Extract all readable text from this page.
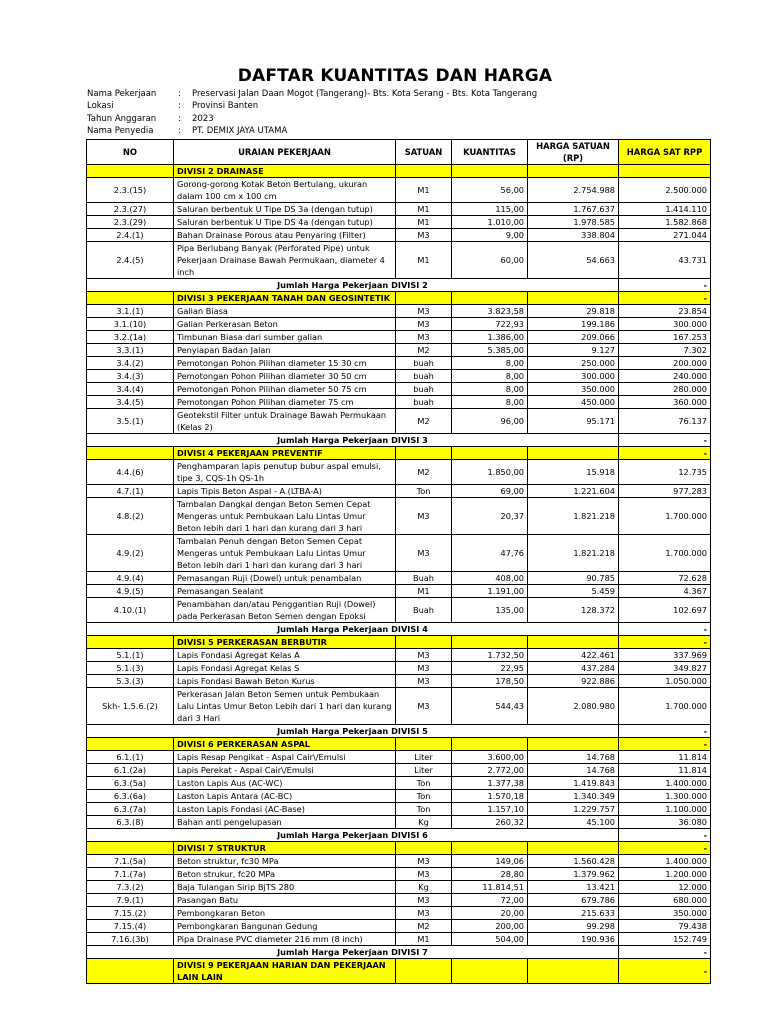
DAFTAR KUANTITAS DAN HARGA
Nama Pekerjaan	:	Preservasi Jalan Daan Mogot (Tangerang)- Bts. Kota Serang - Bts. Kota Tangerang
Lokasi	:	Provinsi Banten
Tahun Anggaran	:	2023
Nama Penyedia	:	PT. DEMIX JAYA UTAMA
NO	URAIAN PEKERJAAN	SATUAN	KUANTITAS	HARGA SATUAN (RP)	HARGA SAT RPP
	DIVISI 2 DRAINASE				
2.3.(15)	Gorong-gorong Kotak Beton Bertulang, ukuran dalam 100 cm x 100 cm	M1	56,00	2.754.988	2.500.000
2.3.(27)	Saluran berbentuk U Tipe DS 3a (dengan tutup)	M1	115,00	1.767.637	1.414.110
2.3.(29)	Saluran berbentuk U Tipe DS 4a (dengan tutup)	M1	1.010,00	1.978.585	1.582.868
2.4.(1)	Bahan Drainase Porous atau Penyaring (Filter)	M3	9,00	338.804	271.044
2.4.(5)	Pipa Berlubang Banyak (Perforated Pipe) untuk Pekerjaan Drainase Bawah Permukaan, diameter 4 inch	M1	60,00	54.663	43.731
Jumlah Harga Pekerjaan DIVISI 2					-
	DIVISI 3 PEKERJAAN TANAH DAN GEOSINTETIK				-
3.1.(1)	Galian Biasa	M3	3.823,58	29.818	23.854
3.1.(10)	Galian Perkerasan Beton	M3	722,93	199.186	300.000
3.2.(1a)	Timbunan Biasa dari sumber galian	M3	1.386,00	209.066	167.253
3.3.(1)	Penyiapan Badan Jalan	M2	5.385,00	9.127	7.302
3.4.(2)	Pemotongan Pohon Pilihan diameter 15 30 cm	buah	8,00	250.000	200.000
3.4.(3)	Pemotongan Pohon Pilihan diameter 30 50 cm	buah	8,00	300.000	240.000
3.4.(4)	Pemotongan Pohon Pilihan diameter 50 75 cm	buah	8,00	350.000	280.000
3.4.(5)	Pemotongan Pohon Pilihan diameter 75 cm	buah	8,00	450.000	360.000
3.5.(1)	Geotekstil Filter untuk Drainage Bawah Permukaan (Kelas 2)	M2	96,00	95.171	76.137
Jumlah Harga Pekerjaan DIVISI 3					-
	DIVISI 4 PEKERJAAN PREVENTIF				-
4.4.(6)	Penghamparan lapis penutup bubur aspal emulsi, tipe 3, CQS-1h QS-1h	M2	1.850,00	15.918	12.735
4.7.(1)	Lapis Tipis Beton Aspal - A (LTBA-A)	Ton	69,00	1.221.604	977.283
4.8.(2)	Tambalan Dangkal dengan Beton Semen Cepat Mengeras untuk Pembukaan Lalu Lintas Umur Beton lebih dari 1 hari dan kurang dari 3 hari	M3	20,37	1.821.218	1.700.000
4.9.(2)	Tambalan Penuh dengan Beton Semen Cepat Mengeras untuk Pembukaan Lalu Lintas Umur Beton lebih dari 1 hari dan kurang dari 3 hari	M3	47,76	1.821.218	1.700.000
4.9.(4)	Pemasangan Ruji (Dowel) untuk penambalan	Buah	408,00	90.785	72.628
4.9.(5)	Pemasangan Sealant	M1	1.191,00	5.459	4.367
4.10.(1)	Penambahan dan/atau Penggantian Ruji (Dowel) pada Perkerasan Beton Semen dengan Epoksi	Buah	135,00	128.372	102.697
Jumlah Harga Pekerjaan DIVISI 4					-
	DIVISI 5 PERKERASAN BERBUTIR				-
5.1.(1)	Lapis Fondasi Agregat Kelas A	M3	1.732,50	422.461	337.969
5.1.(3)	Lapis Fondasi Agregat Kelas S	M3	22,95	437.284	349.827
5.3.(3)	Lapis Fondasi Bawah Beton Kurus	M3	178,50	922.886	1.050.000
Skh- 1.5.6.(2)	Perkerasan Jalan Beton Semen untuk Pembukaan Lalu Lintas Umur Beton Lebih dari 1 hari dan kurang dari 3 Hari	M3	544,43	2.080.980	1.700.000
Jumlah Harga Pekerjaan DIVISI 5					-
	DIVISI 6 PERKERASAN ASPAL				-
6.1.(1)	Lapis Resap Pengikat - Aspal Cair\/Emulsi	Liter	3.600,00	14.768	11.814
6.1.(2a)	Lapis Perekat - Aspal Cair\/Emulsi	Liter	2.772,00	14.768	11.814
6.3.(5a)	Laston Lapis Aus (AC-WC)	Ton	1.377,38	1.419.843	1.400.000
6.3.(6a)	Laston Lapis Antara (AC-BC)	Ton	1.570,18	1.340.349	1.300.000
6.3.(7a)	Laston Lapis Fondasi (AC-Base)	Ton	1.157,10	1.229.757	1.100.000
6.3.(8)	Bahan anti pengelupasan	Kg	260,32	45.100	36.080
Jumlah Harga Pekerjaan DIVISI 6					-
	DIVISI 7 STRUKTUR				-
7.1.(5a)	Beton struktur, fc30 MPa	M3	149,06	1.560.428	1.400.000
7.1.(7a)	Beton strukur, fc20 MPa	M3	28,80	1.379.962	1.200.000
7.3.(2)	Baja Tulangan Sirip BjTS 280	Kg	11.814,51	13.421	12.000
7.9.(1)	Pasangan Batu	M3	72,00	679.786	680.000
7.15.(2)	Pembongkaran Beton	M3	20,00	215.633	350.000
7.15.(4)	Pembongkaran Bangunan Gedung	M2	200,00	99.298	79.438
7.16.(3b)	Pipa Drainase PVC diameter 216 mm (8 inch)	M1	504,00	190.936	152.749
Jumlah Harga Pekerjaan DIVISI 7					-
	DIVISI 9 PEKERJAAN HARIAN DAN PEKERJAAN LAIN LAIN				-
